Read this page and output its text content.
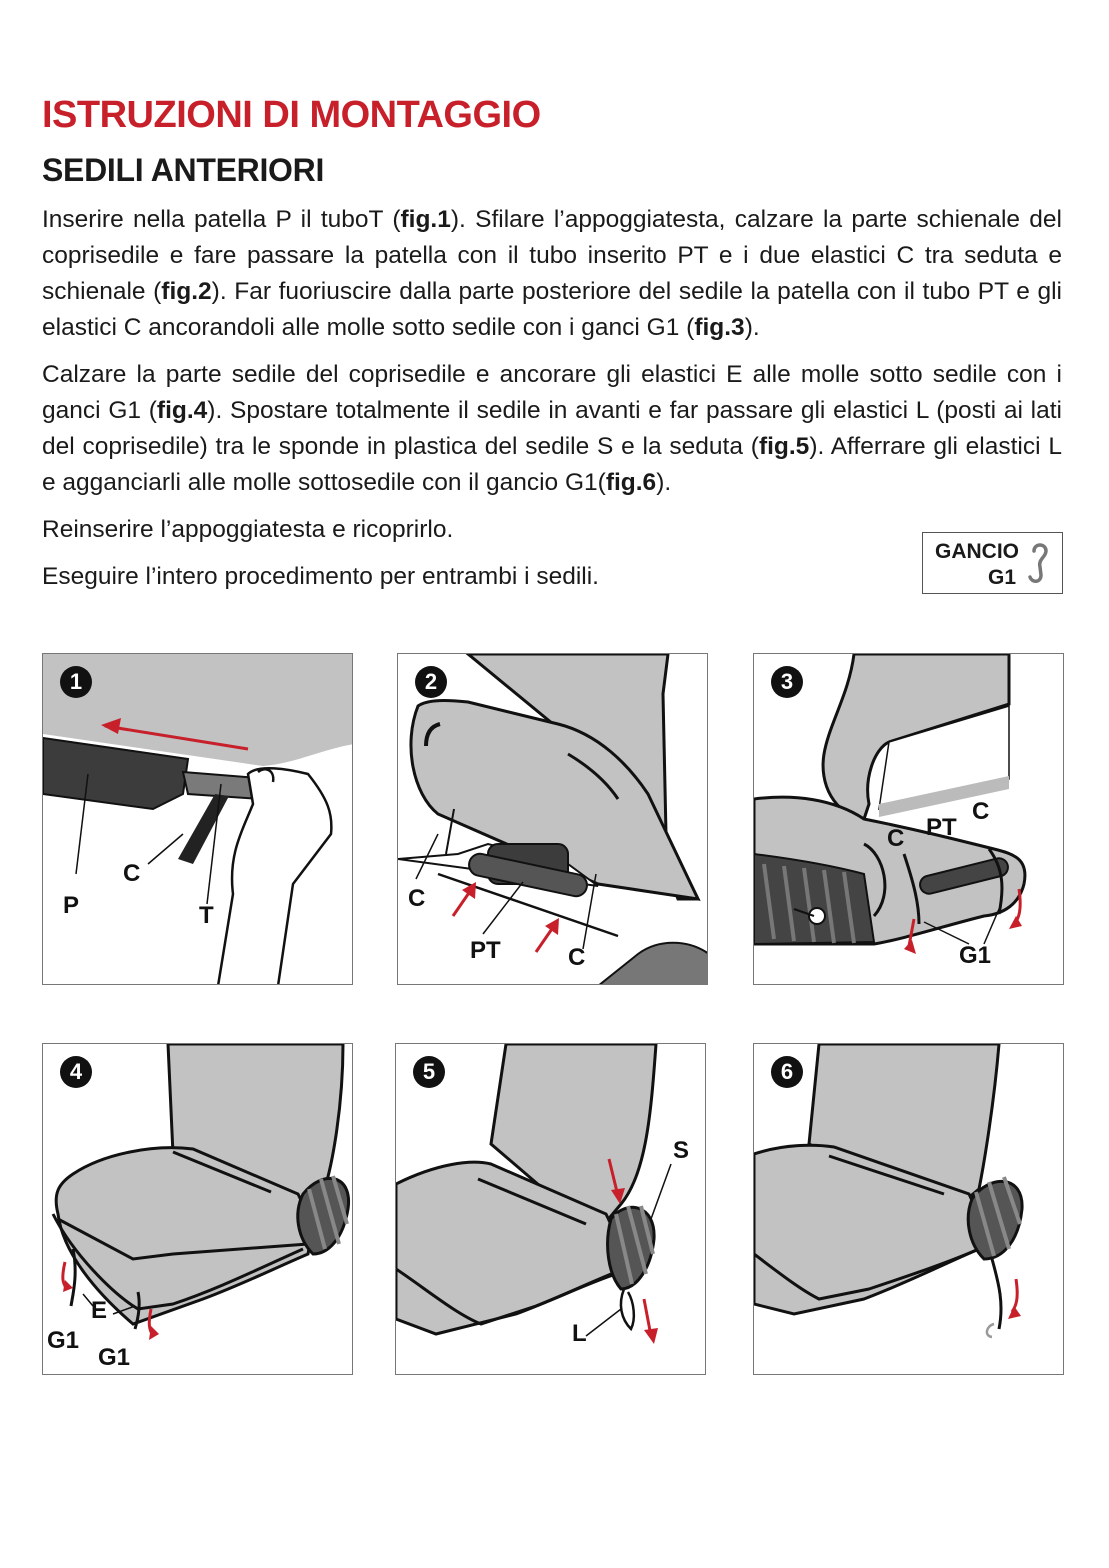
ISTRUZIONI DI MONTAGGIO
SEDILI ANTERIORI

Inserire nella patella P il tuboT (fig.1). Sfilare l’appoggiatesta, calzare la parte schienale del coprisedile e fare passare la patella con il tubo inserito PT e i due elastici C tra seduta e schienale (fig.2). Far fuoriuscire dalla parte posteriore del sedile la patella con il tubo PT e gli elastici C ancorandoli alle molle sotto sedile con i ganci G1 (fig.3).

Calzare la parte sedile del coprisedile e ancorare gli elastici E alle molle sotto sedile con i ganci G1 (fig.4). Spostare totalmente il sedile in avanti e far passare gli elastici L (posti ai lati del coprisedile) tra le sponde in plastica del sedile S e la seduta (fig.5). Afferrare gli elastici L e agganciarli alle molle sottosedile con il gancio G1(fig.6).

Reinserire l’appoggiatesta e ricoprirlo.

Eseguire l’intero procedimento per entrambi i sedili.

GANCIO
G1
1
P
C
T
2
C
PT	C
3
C PT
C
G1
4
E
G1
G1
5
S
L
6
